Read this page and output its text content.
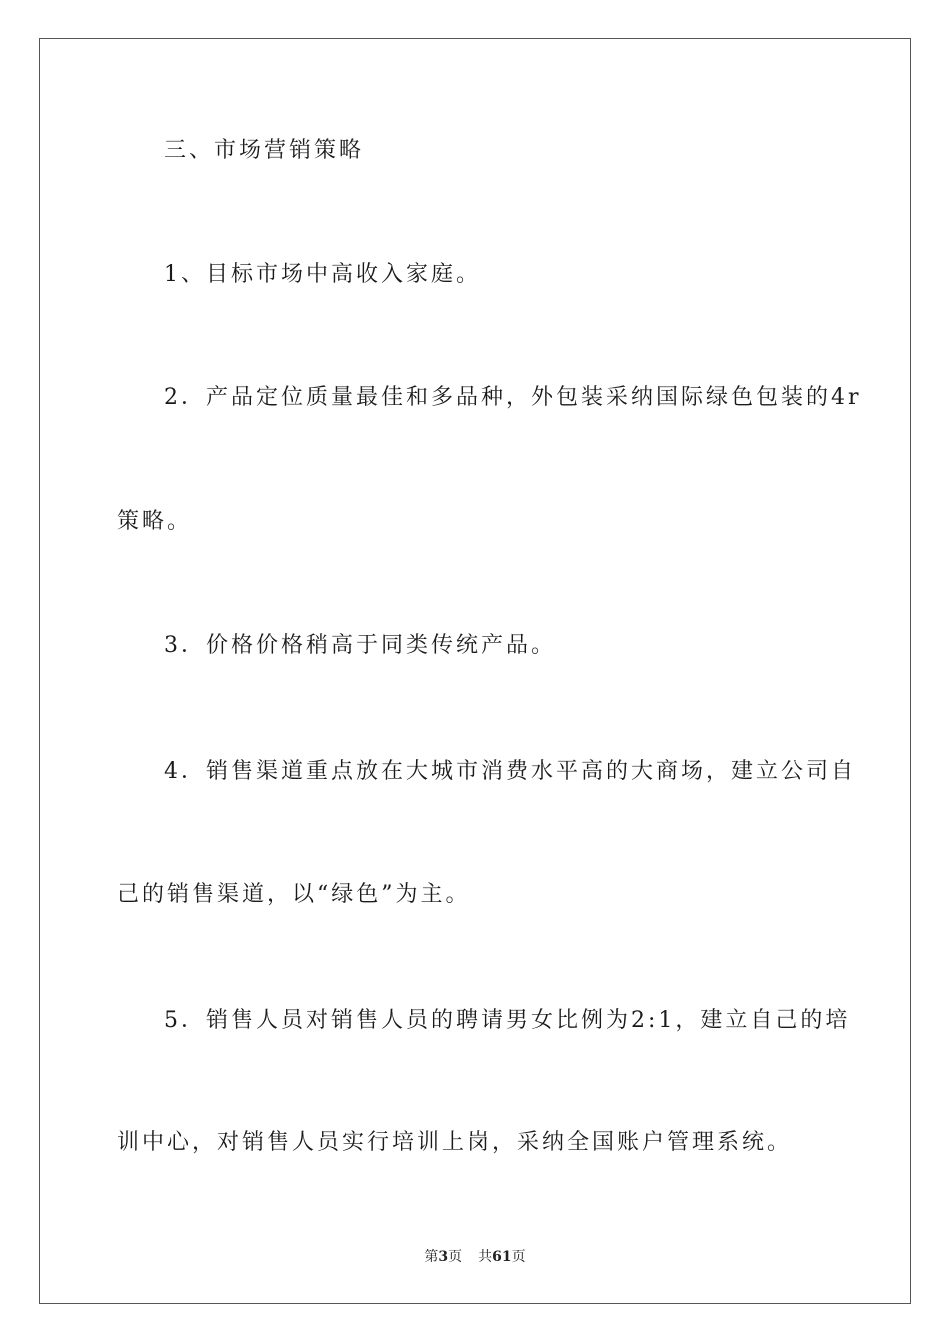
三、市场营销策略
1、目标市场中高收入家庭。
2．产品定位质量最佳和多品种，外包装采纳国际绿色包装的4r
策略。
3．价格价格稍高于同类传统产品。
4．销售渠道重点放在大城市消费水平高的大商场，建立公司自
己的销售渠道，以“绿色”为主。
5．销售人员对销售人员的聘请男女比例为2:1，建立自己的培
训中心，对销售人员实行培训上岗，采纳全国账户管理系统。
第3页 共61页
